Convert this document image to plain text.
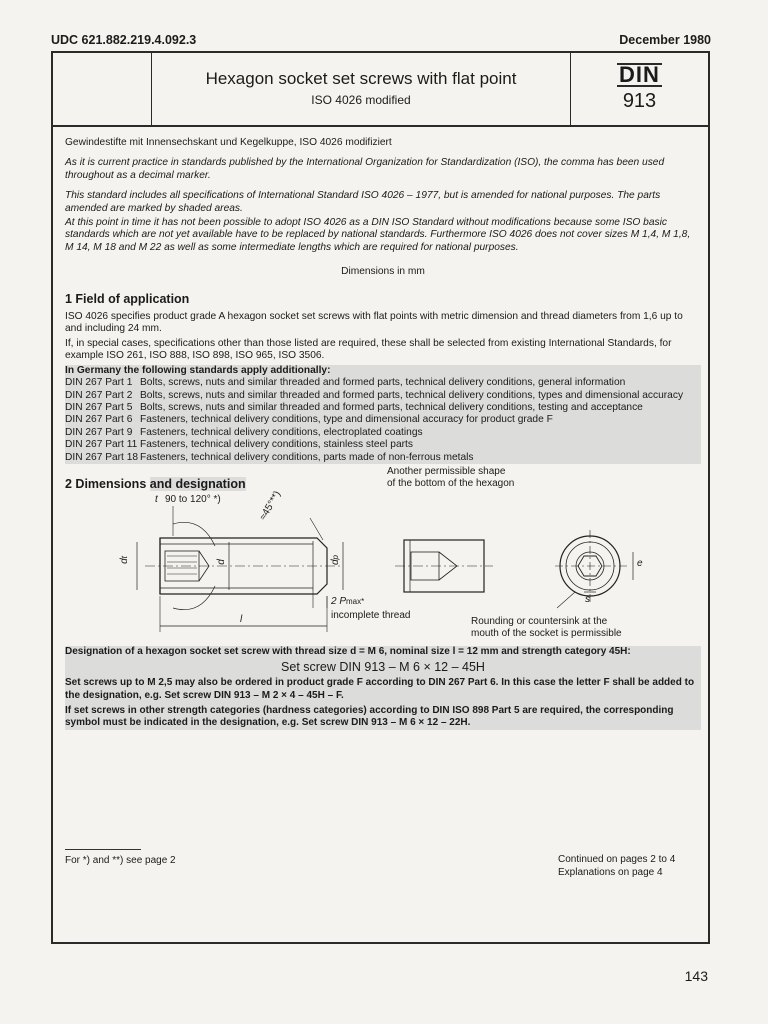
UDC 621.882.219.4.092.3	December 1980
Hexagon socket set screws with flat point
ISO 4026 modified
DIN
913

Gewindestifte mit Innensechskant und Kegelkuppe, ISO 4026 modifiziert

As it is current practice in standards published by the International Organization for Standardization (ISO), the comma has been used throughout as a decimal marker.

This standard includes all specifications of International Standard ISO 4026 – 1977, but is amended for national purposes. The parts amended are marked by shaded areas.

At this point in time it has not been possible to adopt ISO 4026 as a DIN ISO Standard without modifications because some ISO basic standards which are not yet available have to be replaced by national standards. Furthermore ISO 4026 does not cover sizes M 1,4, M 1,8, M 14, M 18 and M 22 as well as some intermediate lengths which are required for national purposes.

Dimensions in mm

1 Field of application

ISO 4026 specifies product grade A hexagon socket set screws with flat points with metric dimension and thread diameters from 1,6 up to and including 24 mm.

If, in special cases, specifications other than those listed are required, these shall be selected from existing International Standards, for example ISO 261, ISO 888, ISO 898, ISO 965, ISO 3506.

In Germany the following standards apply additionally:
DIN 267 Part 1 Bolts, screws, nuts and similar threaded and formed parts, technical delivery conditions, general information
DIN 267 Part 2 Bolts, screws, nuts and similar threaded and formed parts, technical delivery conditions, types and dimensional accuracy
DIN 267 Part 5 Bolts, screws, nuts and similar threaded and formed parts, technical delivery conditions, testing and acceptance
DIN 267 Part 6 Fasteners, technical delivery conditions, type and dimensional accuracy for product grade F
DIN 267 Part 9 Fasteners, technical delivery conditions, electroplated coatings
DIN 267 Part 11 Fasteners, technical delivery conditions, stainless steel parts
DIN 267 Part 18 Fasteners, technical delivery conditions, parts made of non-ferrous metals
2 Dimensions and designation
90 to 120° *)
t	≈45°**)
dt
d	dp
l
2 Pmax*
incomplete thread
Another permissible shape
of the bottom of the hexagon
e
s
Rounding or countersink at the
mouth of the socket is permissible
Designation of a hexagon socket set screw with thread size d = M 6, nominal size l = 12 mm and strength category 45H:
Set screw DIN 913 – M 6 × 12 – 45H
Set screws up to M 2,5 may also be ordered in product grade F according to DIN 267 Part 6. In this case the letter F shall be added to the designation, e.g. Set screw DIN 913 – M 2 × 4 – 45H – F.
If set screws in other strength categories (hardness categories) according to DIN ISO 898 Part 5 are required, the corresponding symbol must be indicated in the designation, e.g. Set screw DIN 913 – M 6 × 12 – 22H.
For *) and **) see page 2	Continued on pages 2 to 4
Explanations on page 4
143
